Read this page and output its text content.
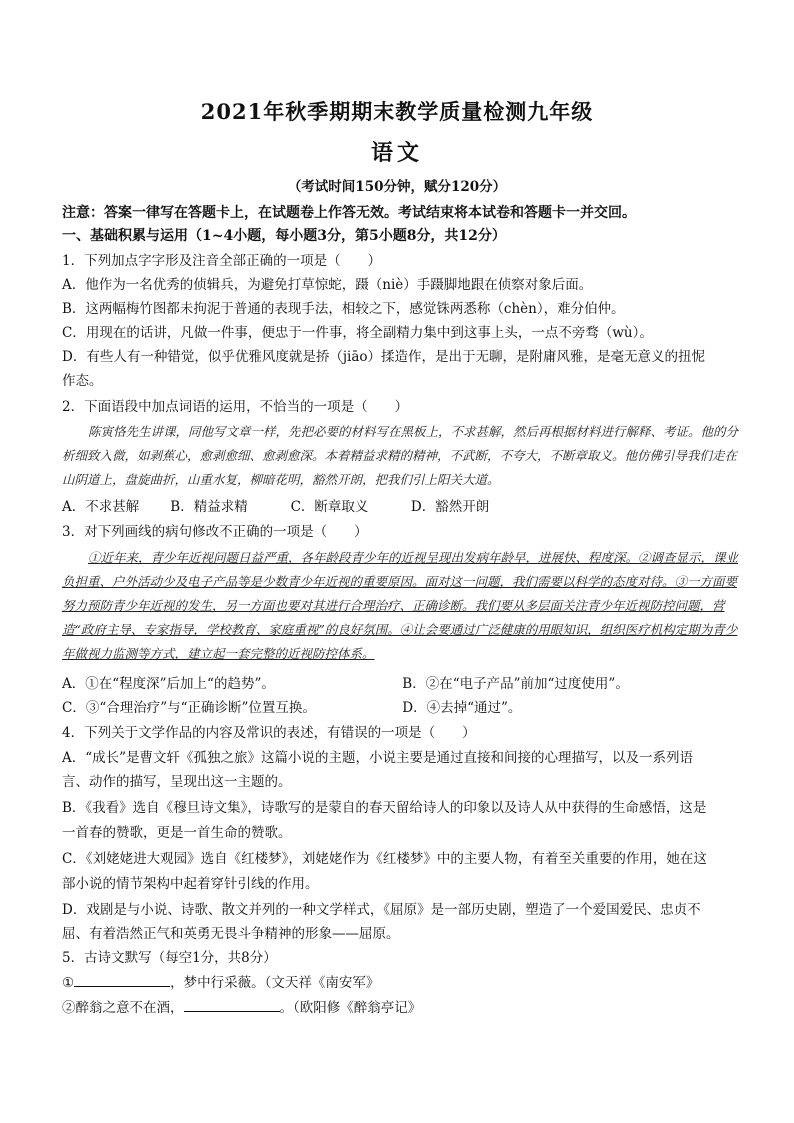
2021年秋季期期末教学质量检测九年级
语文
（考试时间150分钟，赋分120分）
注意：答案一律写在答题卡上，在试题卷上作答无效。考试结束将本试卷和答题卡一并交回。
一、基础积累与运用（1~4小题，每小题3分，第5小题8分，共12分）
1．下列加点字字形及注音全部正确的一项是（　　）
A．他作为一名优秀的侦辑兵，为避免打草惊蛇，蹑（niè）手蹑脚地跟在侦察对象后面。
B．这两幅梅竹图都未拘泥于普通的表现手法，相较之下，感觉铢两悉称（chèn），难分伯仲。
C．用现在的话讲，凡做一件事，便忠于一件事，将全副精力集中到这事上头，一点不旁骛（wù）。
D．有些人有一种错觉，似乎优雅风度就是挢（jiāo）揉造作，是出于无聊，是附庸风雅，是毫无意义的扭怩
作态。
2．下面语段中加点词语的运用，不恰当的一项是（　　）
陈寅恪先生讲课，同他写文章一样，先把必要的材料写在黑板上，不求甚解，然后再根据材料进行解释、考证。他的分析细致入微，如剥蕉心，愈剥愈细、愈剥愈深。本着精益求精的精神，不武断，不夸大，不断章取义。他仿佛引导我们走在山阴道上，盘旋曲折，山重水复，柳暗花明，豁然开朗，把我们引上阳关大道。
A．不求甚解 B．精益求精	C．断章取义	D．豁然开朗
3．对下列画线的病句修改不正确的一项是（　　）
①近年来，青少年近视问题日益严重，各年龄段青少年的近视呈现出发病年龄早，进展快、程度深。②调查显示，课业负担重、户外活动少及电子产品等是少数青少年近视的重要原因。面对这一问题，我们需要以科学的态度对待。③一方面要努力预防青少年近视的发生，另一方面也要对其进行合理治疗、正确诊断。我们要从多层面关注青少年近视防控问题，营造“政府主导、专家指导，学校教育、家庭重视”的良好氛围。④让会要通过广泛健康的用眼知识，组织医疗机构定期为青少年做视力监测等方式，建立起一套完整的近视防控体系。
A．①在“程度深”后加上“的趋势”。	B．②在“电子产品”前加“过度使用”。
C．③“合理治疗”与“正确诊断”位置互换。	D．④去掉“通过”。
4．下列关于文学作品的内容及常识的表述，有错误的一项是（　　）
A．“成长”是曹文轩《孤独之旅》这篇小说的主题，小说主要是通过直接和间接的心理描写，以及一系列语
言、动作的描写，呈现出这一主题的。
B．《我看》选自《穆旦诗文集》，诗歌写的是蒙自的春天留给诗人的印象以及诗人从中获得的生命感悟，这是
一首春的赞歌，更是一首生命的赞歌。
C．《刘姥姥进大观园》选自《红楼梦》，刘姥姥作为《红楼梦》中的主要人物，有着至关重要的作用，她在这
部小说的情节架构中起着穿针引线的作用。
D．戏剧是与小说、诗歌、散文并列的一种文学样式，《屈原》是一部历史剧，塑造了一个爱国爱民、忠贞不
屈、有着浩然正气和英勇无畏斗争精神的形象——屈原。
5．古诗文默写（每空1分，共8分）
①	，梦中行采薇。（文天祥《南安军》
②醉翁之意不在酒，	。（欧阳修《醉翁亭记》
